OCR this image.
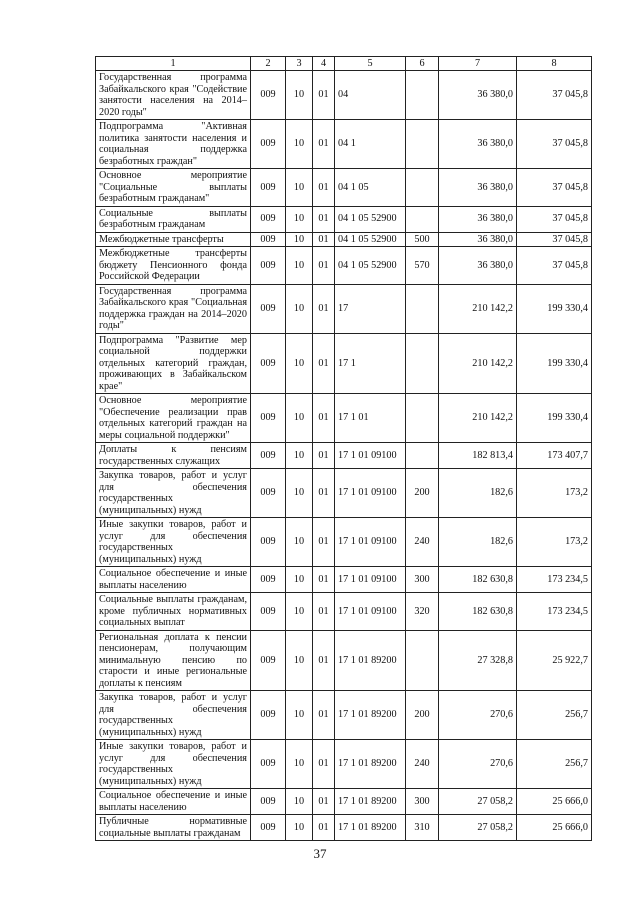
1	2	3	4	5	6	7	8
Государственная программа Забайкальского края "Содействие занятости населения на 2014–2020 годы"	009	10	01	04		36 380,0	37 045,8
Подпрограмма "Активная политика занятости населения и социальная поддержка безработных граждан"	009	10	01	04 1		36 380,0	37 045,8
Основное мероприятие "Социальные выплаты безработным гражданам"	009	10	01	04 1 05		36 380,0	37 045,8
Социальные выплаты безработным гражданам	009	10	01	04 1 05 52900		36 380,0	37 045,8
Межбюджетные трансферты	009	10	01	04 1 05 52900	500	36 380,0	37 045,8
Межбюджетные трансферты бюджету Пенсионного фонда Российской Федерации	009	10	01	04 1 05 52900	570	36 380,0	37 045,8
Государственная программа Забайкальского края "Социальная поддержка граждан на 2014–2020 годы"	009	10	01	17		210 142,2	199 330,4
Подпрограмма "Развитие мер социальной поддержки отдельных категорий граждан, проживающих в Забайкальском крае"	009	10	01	17 1		210 142,2	199 330,4
Основное мероприятие "Обеспечение реализации прав отдельных категорий граждан на меры социальной поддержки"	009	10	01	17 1 01		210 142,2	199 330,4
Доплаты к пенсиям государственных служащих	009	10	01	17 1 01 09100		182 813,4	173 407,7
Закупка товаров, работ и услуг для обеспечения государственных (муниципальных) нужд	009	10	01	17 1 01 09100	200	182,6	173,2
Иные закупки товаров, работ и услуг для обеспечения государственных (муниципальных) нужд	009	10	01	17 1 01 09100	240	182,6	173,2
Социальное обеспечение и иные выплаты населению	009	10	01	17 1 01 09100	300	182 630,8	173 234,5
Социальные выплаты гражданам, кроме публичных нормативных социальных выплат	009	10	01	17 1 01 09100	320	182 630,8	173 234,5
Региональная доплата к пенсии пенсионерам, получающим минимальную пенсию по старости и иные региональные доплаты к пенсиям	009	10	01	17 1 01 89200		27 328,8	25 922,7
Закупка товаров, работ и услуг для обеспечения государственных (муниципальных) нужд	009	10	01	17 1 01 89200	200	270,6	256,7
Иные закупки товаров, работ и услуг для обеспечения государственных (муниципальных) нужд	009	10	01	17 1 01 89200	240	270,6	256,7
Социальное обеспечение и иные выплаты населению	009	10	01	17 1 01 89200	300	27 058,2	25 666,0
Публичные нормативные социальные выплаты гражданам	009	10	01	17 1 01 89200	310	27 058,2	25 666,0
37
